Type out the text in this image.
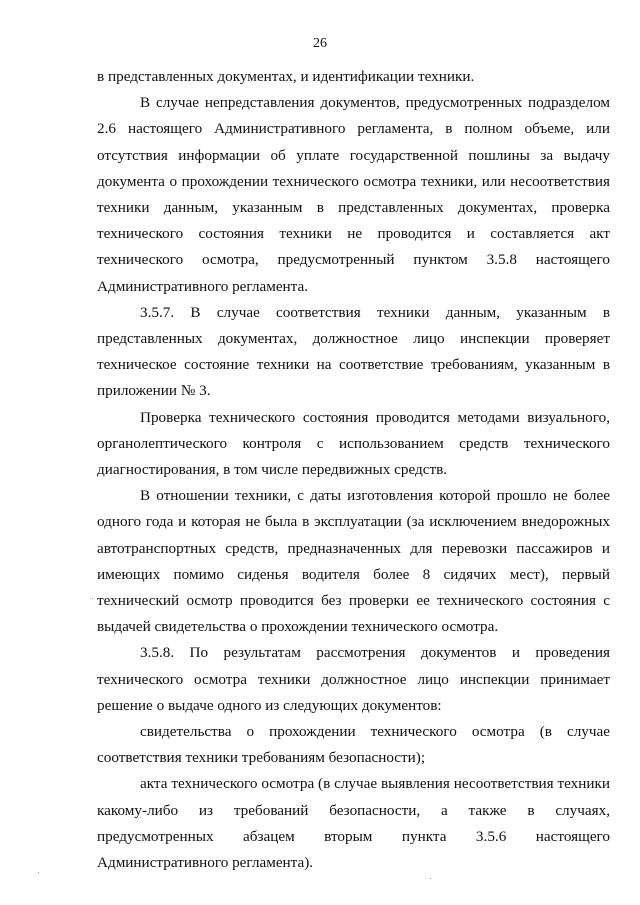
26

в представленных документах, и идентификации техники.

В случае непредставления документов, предусмотренных подразделом 2.6 настоящего Административного регламента, в полном объеме, или отсутствия информации об уплате государственной пошлины за выдачу документа о прохождении технического осмотра техники, или несоответствия техники данным, указанным в представленных документах, проверка технического состояния техники не проводится и составляется акт технического осмотра, предусмотренный пунктом 3.5.8 настоящего Административного регламента.

3.5.7. В случае соответствия техники данным, указанным в представленных документах, должностное лицо инспекции проверяет техническое состояние техники на соответствие требованиям, указанным в приложении № 3.

Проверка технического состояния проводится методами визуального, органолептического контроля с использованием средств технического диагностирования, в том числе передвижных средств.

В отношении техники, с даты изготовления которой прошло не более одного года и которая не была в эксплуатации (за исключением внедорожных автотранспортных средств, предназначенных для перевозки пассажиров и имеющих помимо сиденья водителя более 8 сидячих мест), первый технический осмотр проводится без проверки ее технического состояния с выдачей свидетельства о прохождении технического осмотра.

3.5.8. По результатам рассмотрения документов и проведения технического осмотра техники должностное лицо инспекции принимает решение о выдаче одного из следующих документов:

свидетельства о прохождении технического осмотра (в случае соответствия техники требованиям безопасности);

акта технического осмотра (в случае выявления несоответствия техники какому-либо из требований безопасности, а также в случаях, предусмотренных абзацем вторым пункта 3.5.6 настоящего Административного регламента).
